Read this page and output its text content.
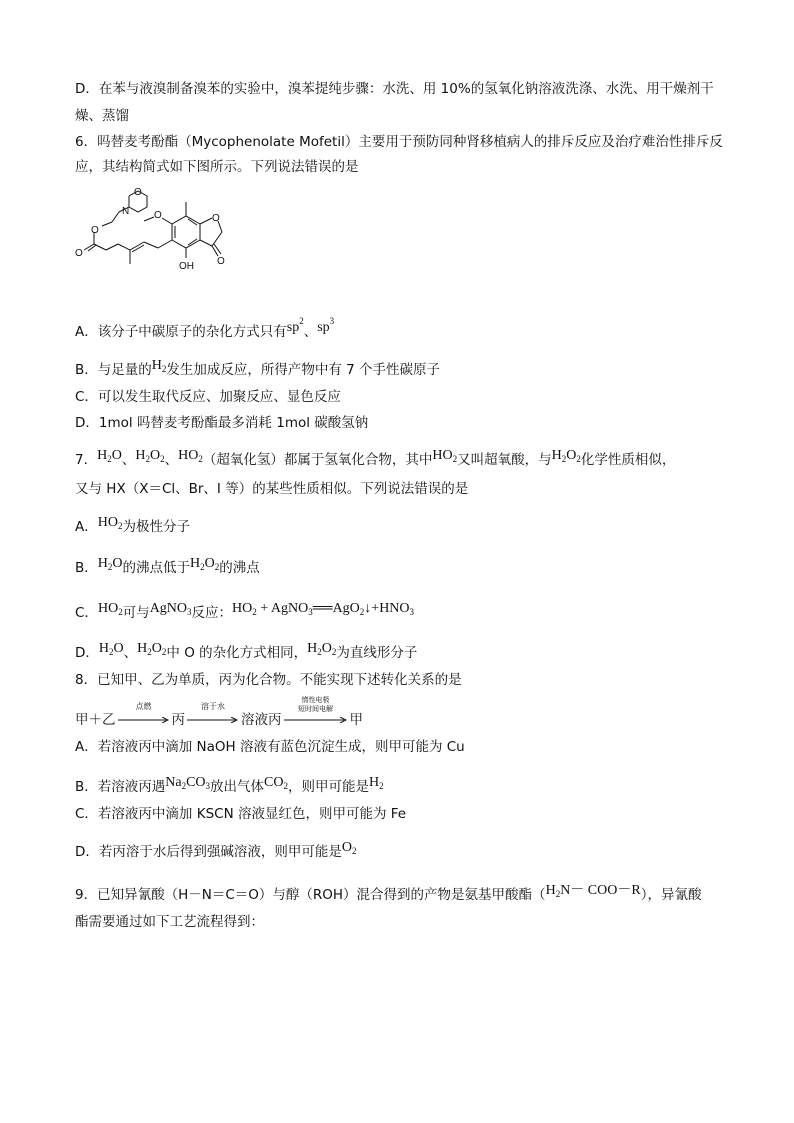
D．在苯与液溴制备溴苯的实验中，溴苯提纯步骤：水洗、用 10%的氢氧化钠溶液洗涤、水洗、用干燥剂干
燥、蒸馏
6．吗替麦考酚酯（Mycophenolate Mofetil）主要用于预防同种肾移植病人的排斥反应及治疗难治性排斥反
应，其结构简式如下图所示。下列说法错误的是
O
N
O
O
O	O
O
OH
A．该分子中碳原子的杂化方式只有$sp^2$、$sp^3$
B．与足量的$H_2$发生加成反应，所得产物中有 7 个手性碳原子
C．可以发生取代反应、加聚反应、显色反应
D．1mol 吗替麦考酚酯最多消耗 1mol 碳酸氢钠
7．$H_2O$、$H_2O_2$、$HO_2$（超氧化氢）都属于氢氧化合物，其中$HO_2$又叫超氧酸，与$H_2O_2$化学性质相似，
又与 HX（X＝Cl、Br、I 等）的某些性质相似。下列说法错误的是
A．$HO_2$为极性分子
B．$H_2O$的沸点低于$H_2O_2$的沸点
C．$HO_2$可与AgNO$_3$反应：$HO_2$ + $AgNO_3══AgO_2↓+HNO_3$
D．$H_2O$、$H_2O_2$中 O 的杂化方式相同，$H_2O_2$为直线形分子
8．已知甲、乙为单质，丙为化合物。不能实现下述转化关系的是
甲＋乙
点燃
丙
溶于水
溶液丙
惰性电极
短时间电解
甲
A．若溶液丙中滴加 NaOH 溶液有蓝色沉淀生成，则甲可能为 Cu
B．若溶液丙遇$Na_2CO_3$放出气体$CO_2$，则甲可能是$H_2$
C．若溶液丙中滴加 KSCN 溶液显红色，则甲可能为 Fe
D．若丙溶于水后得到强碱溶液，则甲可能是$O_2$
9．已知异氰酸（H－N＝C＝O）与醇（ROH）混合得到的产物是氨基甲酸酯$(H_2N- COO-R)$，异氰酸
酯需要通过如下工艺流程得到：
